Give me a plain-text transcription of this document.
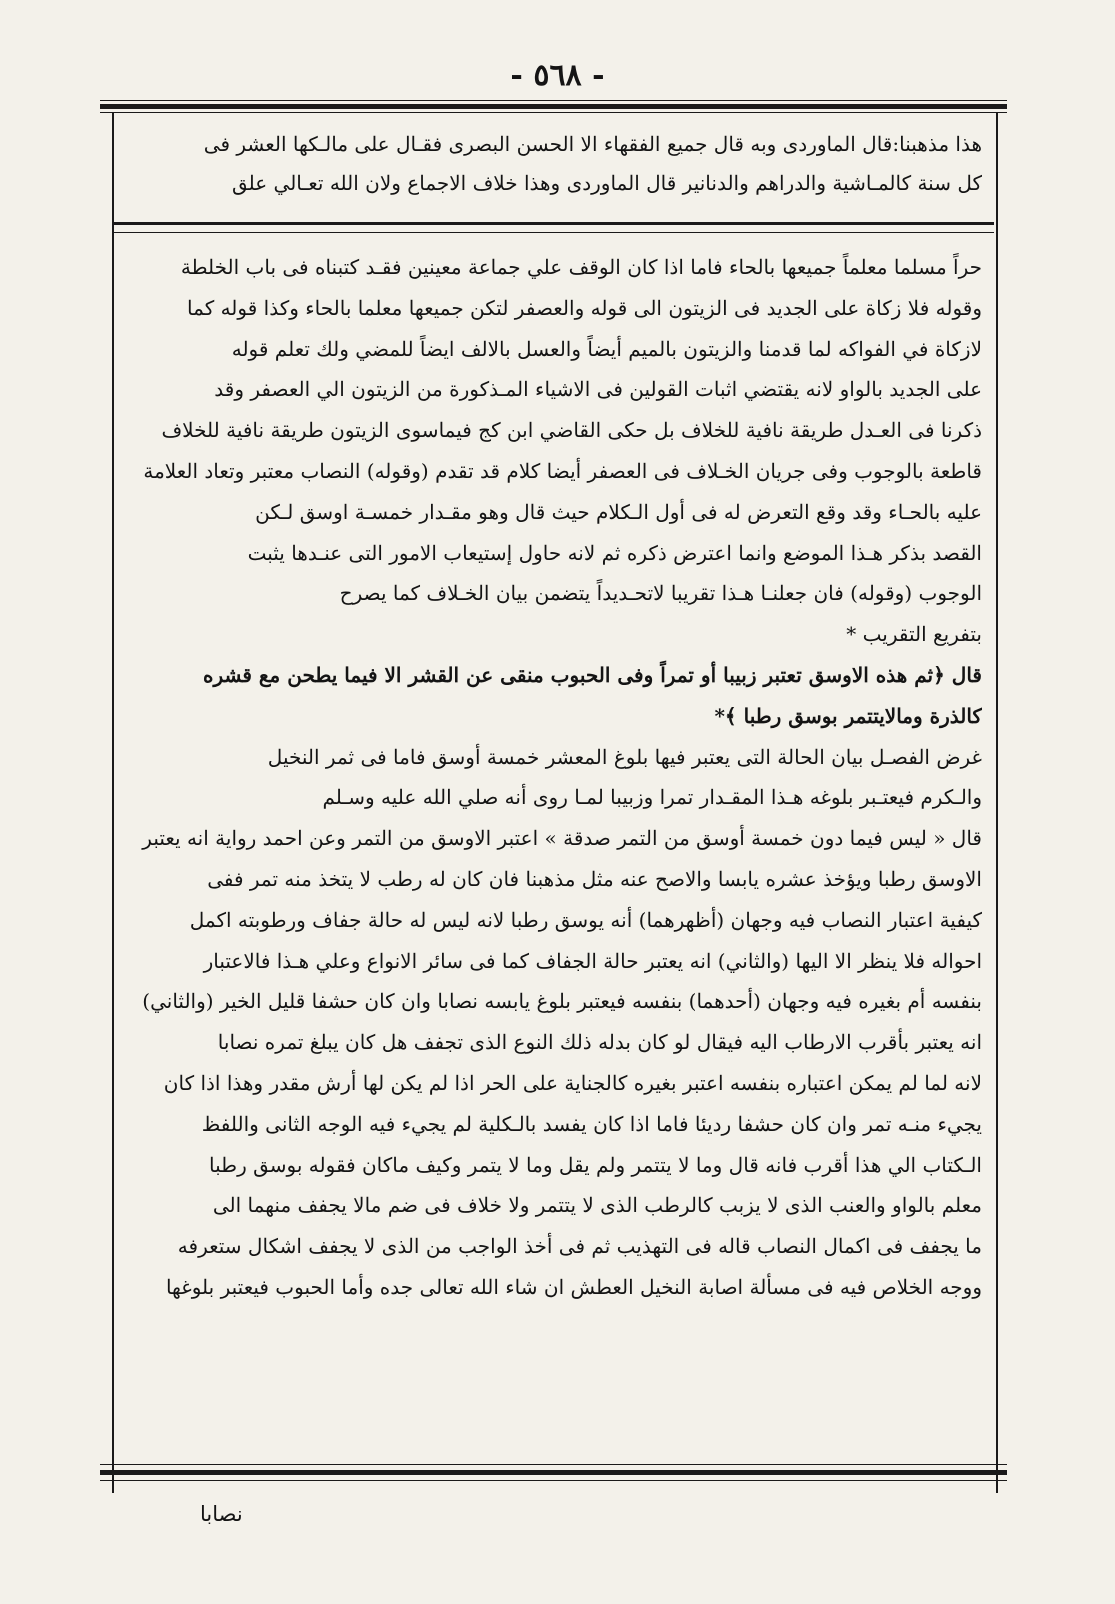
- ٥٦٨ -
هذا مذهبنا:قال الماوردى وبه قال جميع الفقهاء الا الحسن البصرى فقـال على مالـكها العشر فى
كل سنة كالمـاشية والدراهم والدنانير قال الماوردى وهذا خلاف الاجماع ولان الله تعـالي علق
حراً مسلما معلماً جميعها بالحاء فاما اذا كان الوقف علي جماعة معينين فقـد كتبناه فى باب الخلطة
وقوله فلا زكاة على الجديد فى الزيتون الى قوله والعصفر لتكن جميعها معلما بالحاء وكذا قوله كما
لازكاة في الفواكه لما قدمنا والزيتون بالميم أيضاً والعسل بالالف ايضاً للمضي ولك تعلم قوله
على الجديد بالواو لانه يقتضي اثبات القولين فى الاشياء المـذكورة من الزيتون الي العصفر وقد
ذكرنا فى العـدل طريقة نافية للخلاف بل حكى القاضي ابن كج فيماسوى الزيتون طريقة نافية للخلاف
قاطعة بالوجوب وفى جريان الخـلاف فى العصفر أيضا كلام قد تقدم (وقوله) النصاب معتبر وتعاد العلامة
عليه بالحـاء وقد وقع التعرض له فى أول الـكلام حيث قال وهو مقـدار خمسـة اوسق لـكن
القصد بذكر هـذا الموضع وانما اعترض ذكره ثم لانه حاول إستيعاب الامور التى عنـدها يثبت
الوجوب (وقوله) فان جعلنـا هـذا تقريبا لاتحـديداً يتضمن بيان الخـلاف كما يصرح
بتفريع التقريب *
قال ﴿ثم هذه الاوسق تعتبر زبيبا أو تمراً وفى الحبوب منقى عن القشر الا فيما يطحن مع قشره
كالذرة ومالايتتمر بوسق رطبا ﴾*
غرض الفصـل بيان الحالة التى يعتبر فيها بلوغ المعشر خمسة أوسق فاما فى ثمر النخيل
والـكرم فيعتـبر بلوغه هـذا المقـدار تمرا وزبيبا لمـا روى أنه صلي الله عليه وسـلم
قال « ليس فيما دون خمسة أوسق من التمر صدقة » اعتبر الاوسق من التمر وعن احمد رواية انه يعتبر
الاوسق رطبا ويؤخذ عشره يابسا والاصح عنه مثل مذهبنا فان كان له رطب لا يتخذ منه تمر ففى
كيفية اعتبار النصاب فيه وجهان (أظهرهما) أنه يوسق رطبا لانه ليس له حالة جفاف ورطوبته اكمل
احواله فلا ينظر الا اليها (والثاني) انه يعتبر حالة الجفاف كما فى سائر الانواع وعلي هـذا فالاعتبار
بنفسه أم بغيره فيه وجهان (أحدهما) بنفسه فيعتبر بلوغ يابسه نصابا وان كان حشفا قليل الخير (والثاني)
انه يعتبر بأقرب الارطاب اليه فيقال لو كان بدله ذلك النوع الذى تجفف هل كان يبلغ تمره نصابا
لانه لما لم يمكن اعتباره بنفسه اعتبر بغيره كالجناية على الحر اذا لم يكن لها أرش مقدر وهذا اذا كان
يجيء منـه تمر وان كان حشفا رديئا فاما اذا كان يفسد بالـكلية لم يجيء فيه الوجه الثانى واللفظ
الـكتاب الي هذا أقرب فانه قال وما لا يتتمر ولم يقل وما لا يتمر وكيف ماكان فقوله بوسق رطبا
معلم بالواو والعنب الذى لا يزبب كالرطب الذى لا يتتمر ولا خلاف فى ضم مالا يجفف منهما الى
ما يجفف فى اكمال النصاب قاله فى التهذيب ثم فى أخذ الواجب من الذى لا يجفف اشكال ستعرفه
ووجه الخلاص فيه فى مسألة اصابة النخيل العطش ان شاء الله تعالى جده وأما الحبوب فيعتبر بلوغها
نصابا
